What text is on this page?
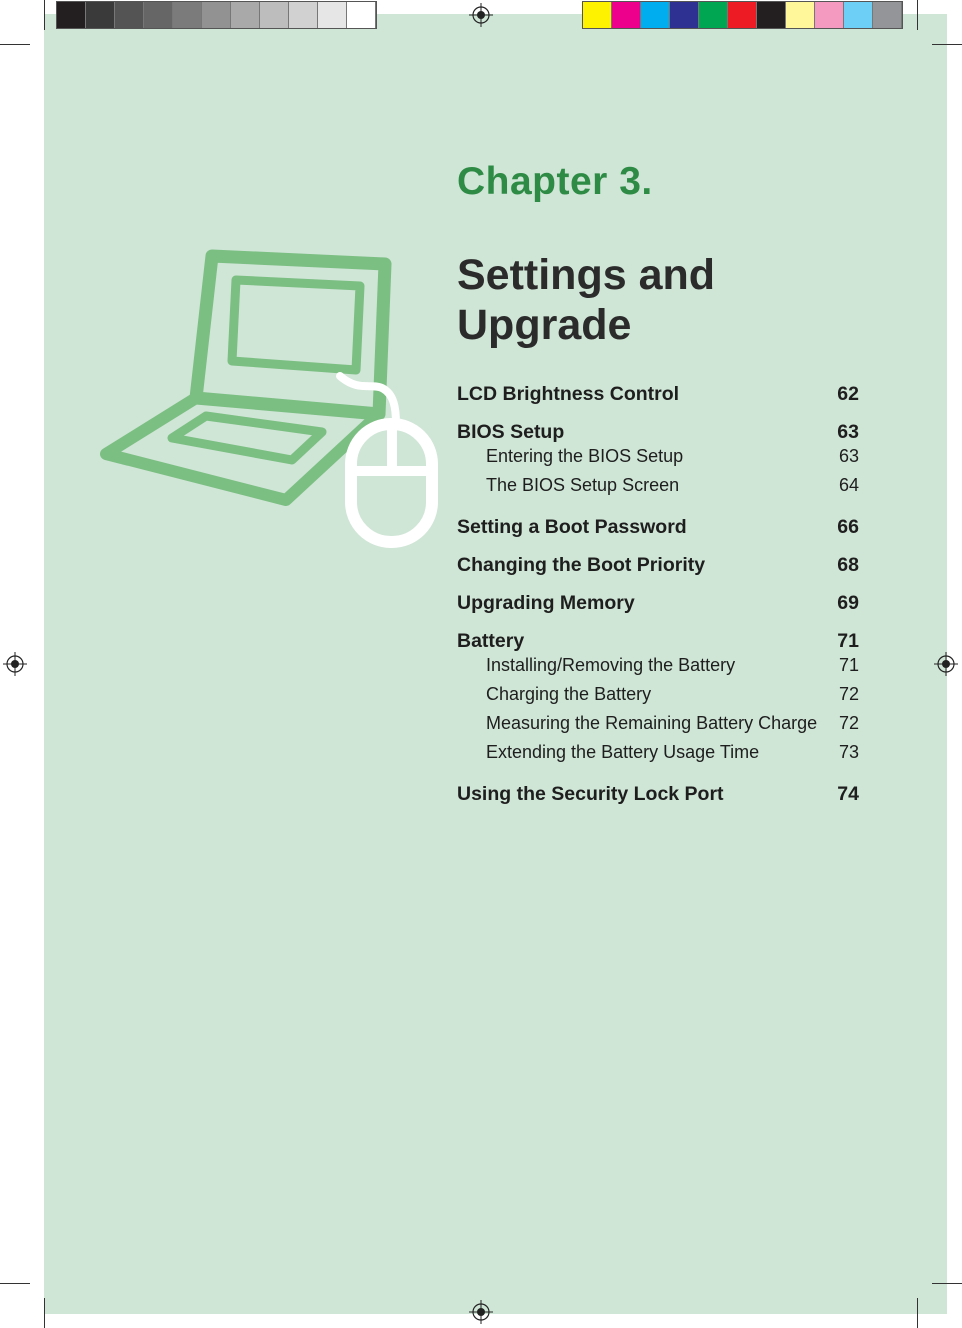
Chapter 3.
Settings and Upgrade
LCD Brightness Control	62
BIOS Setup	63
Entering the BIOS Setup	63
The BIOS Setup Screen	64
Setting a Boot Password	66
Changing the Boot Priority	68
Upgrading Memory	69
Battery	71
Installing/Removing the Battery	71
Charging the Battery	72
Measuring the Remaining Battery Charge 72
Extending the Battery Usage Time	73
Using the Security Lock Port	74
